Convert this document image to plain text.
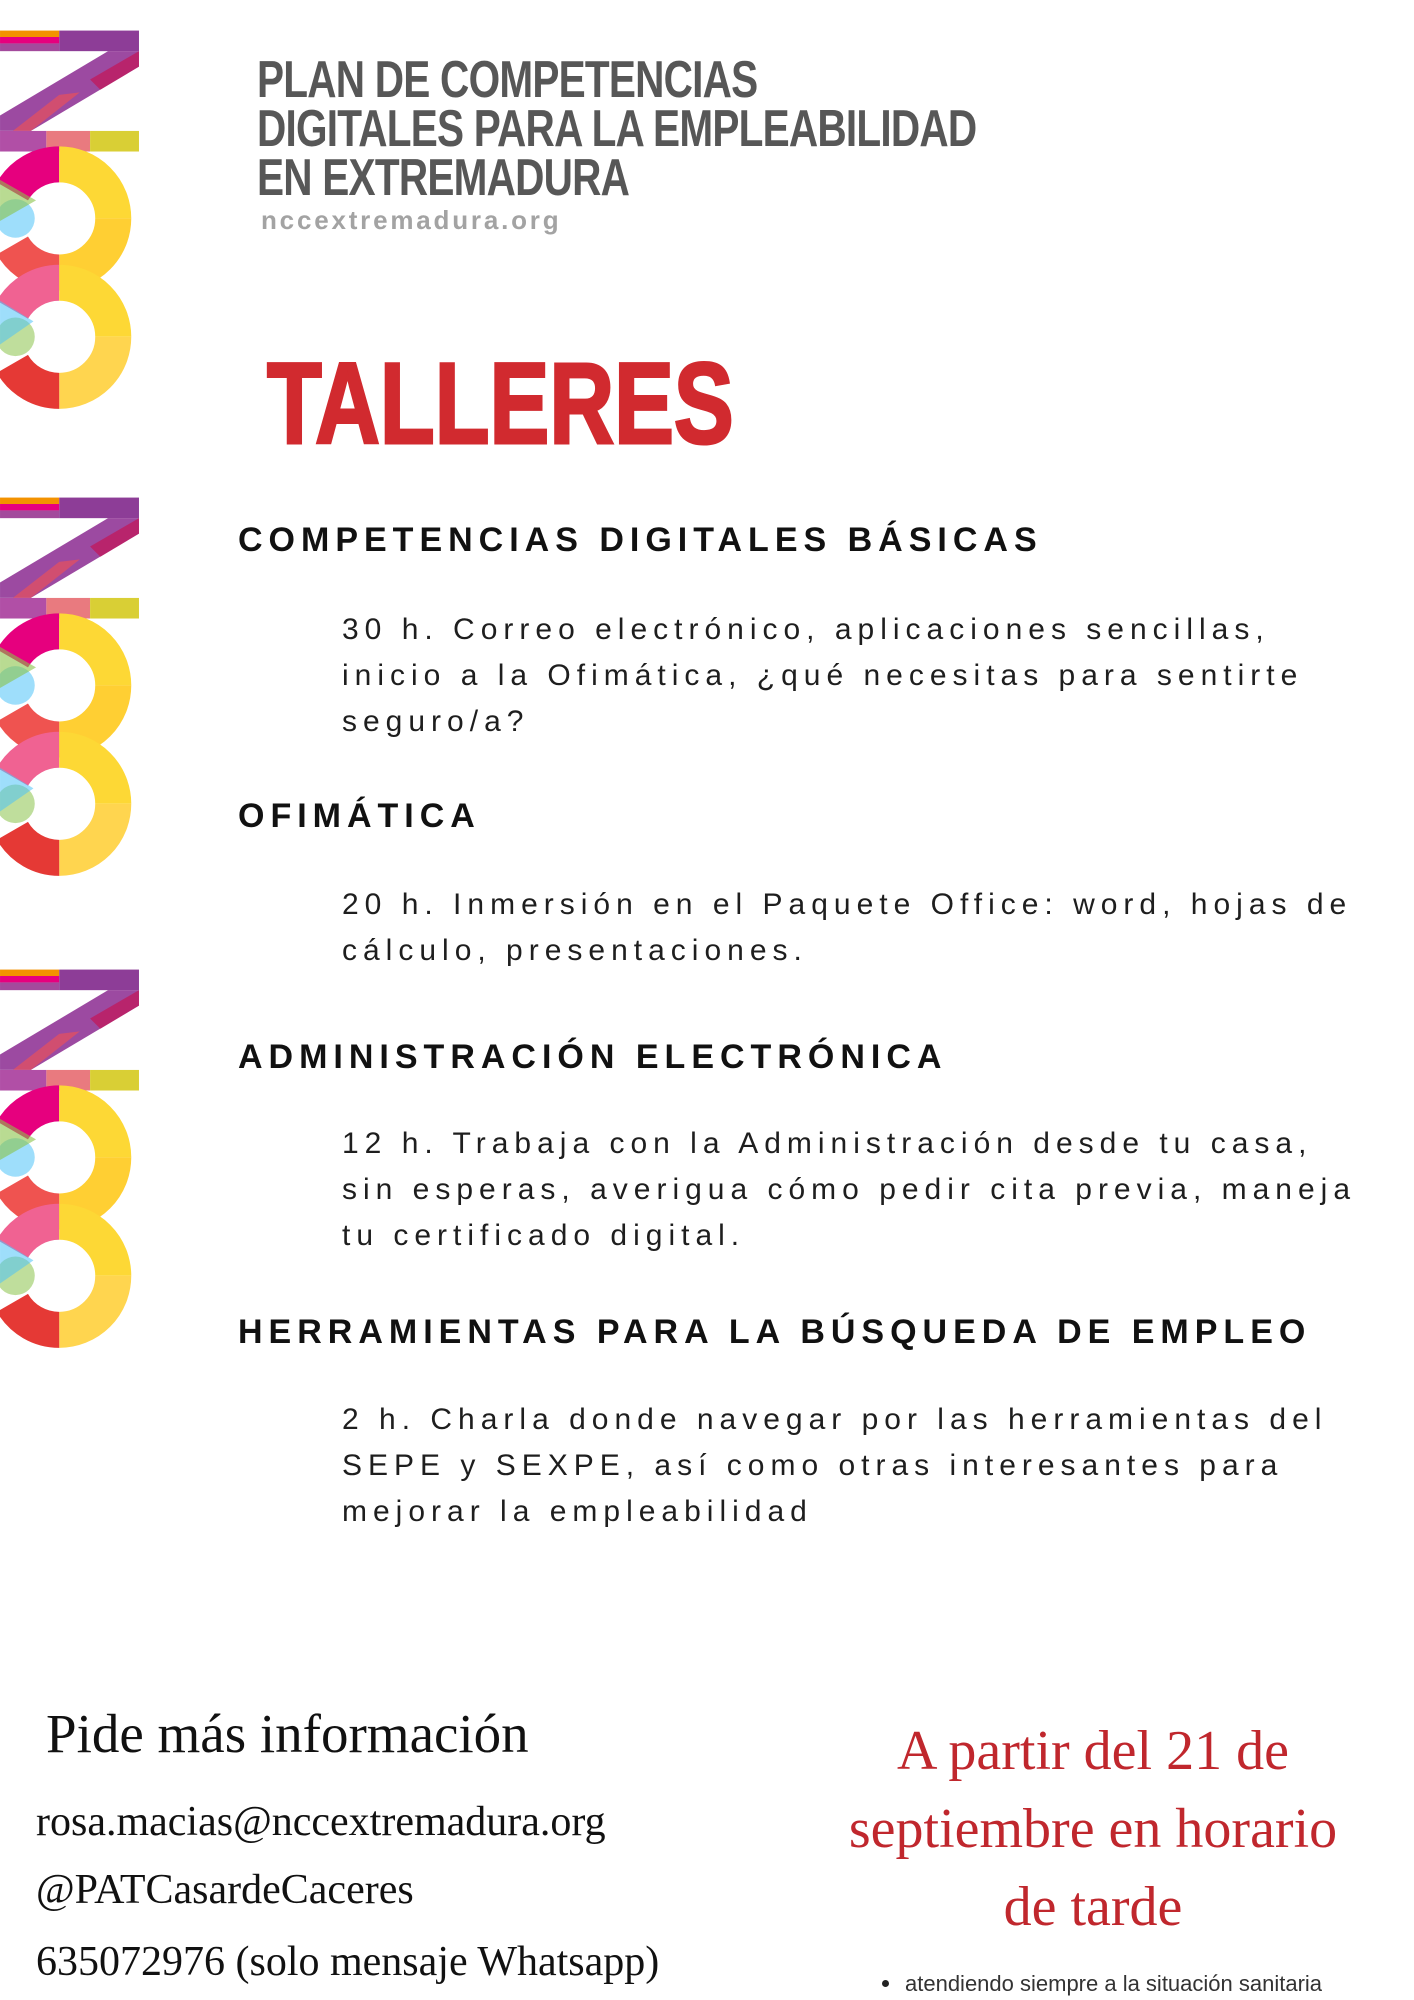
PLAN DE COMPETENCIAS
DIGITALES PARA LA EMPLEABILIDAD
EN EXTREMADURA
nccextremadura.org
TALLERES
COMPETENCIAS DIGITALES BÁSICAS
30 h. Correo electrónico, aplicaciones sencillas,
inicio a la Ofimática, ¿qué necesitas para sentirte
seguro/a?
OFIMÁTICA
20 h. Inmersión en el Paquete Office: word, hojas de
cálculo, presentaciones.
ADMINISTRACIÓN ELECTRÓNICA
12 h. Trabaja con la Administración desde tu casa,
sin esperas, averigua cómo pedir cita previa, maneja
tu certificado digital.
HERRAMIENTAS PARA LA BÚSQUEDA DE EMPLEO
2 h. Charla donde navegar por las herramientas del
SEPE y SEXPE, así como otras interesantes para
mejorar la empleabilidad
Pide más información
rosa.macias@nccextremadura.org
@PATCasardeCaceres
635072976 (solo mensaje Whatsapp)
A partir del 21 de
septiembre en horario
de tarde
atendiendo siempre a la situación sanitaria
